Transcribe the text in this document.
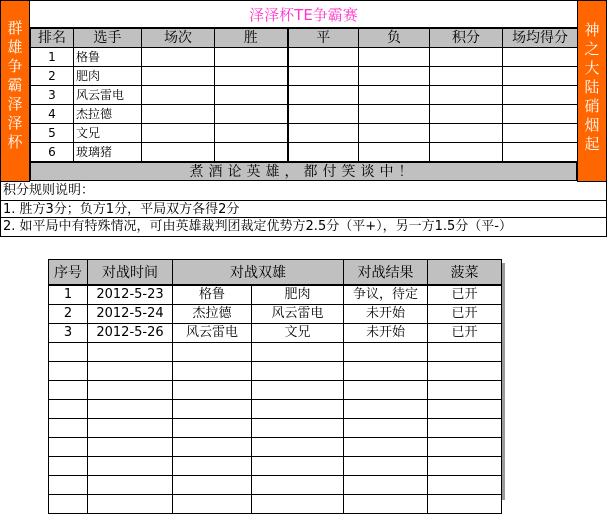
群
雄
争
霸
泽
泽
杯
泽泽杯TE争霸赛
排名	选手	场次	胜	平	负	积分	场均得分
1	格鲁						
2	肥肉						
3	风云雷电						
4	杰拉德						
5	文兄						
6	玻璃猪						
煮酒论英雄，都付笑谈中！
神
之
大
陆
硝
烟
起
积分规则说明：
1. 胜方3分；负方1分，平局双方各得2分
2. 如平局中有特殊情况，可由英雄裁判团裁定优势方2.5分（平+），另一方1.5分（平-）
序号	对战时间	对战双雄		对战结果	菠菜
1	2012-5-23	格鲁	肥肉	争议，待定	已开
2	2012-5-24	杰拉德	风云雷电	未开始	已开
3	2012-5-26	风云雷电	文兄	未开始	已开
